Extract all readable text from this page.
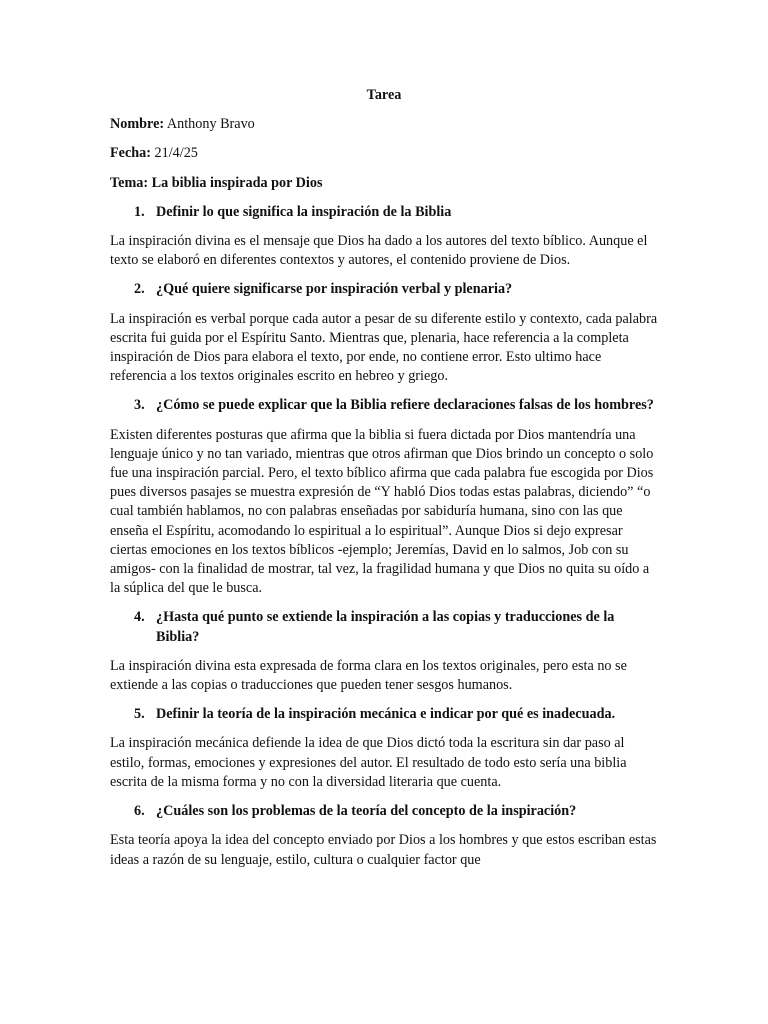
Tarea

Nombre: Anthony Bravo

Fecha: 21/4/25

Tema: La biblia inspirada por Dios

1. Definir lo que significa la inspiración de la Biblia

La inspiración divina es el mensaje que Dios ha dado a los autores del texto bíblico. Aunque el texto se elaboró en diferentes contextos y autores, el contenido proviene de Dios.

2. ¿Qué quiere significarse por inspiración verbal y plenaria?

La inspiración es verbal porque cada autor a pesar de su diferente estilo y contexto, cada palabra escrita fui guida por el Espíritu Santo. Mientras que, plenaria, hace referencia a la completa inspiración de Dios para elabora el texto, por ende, no contiene error. Esto ultimo hace referencia a los textos originales escrito en hebreo y griego.

3. ¿Cómo se puede explicar que la Biblia refiere declaraciones falsas de los hombres?

Existen diferentes posturas que afirma que la biblia si fuera dictada por Dios mantendría una lenguaje único y no tan variado, mientras que otros afirman que Dios brindo un concepto o solo fue una inspiración parcial. Pero, el texto bíblico afirma que cada palabra fue escogida por Dios pues diversos pasajes se muestra expresión de “Y habló Dios todas estas palabras, diciendo” “o cual también hablamos, no con palabras enseñadas por sabiduría humana, sino con las que enseña el Espíritu, acomodando lo espiritual a lo espiritual”. Aunque Dios si dejo expresar ciertas emociones en los textos bíblicos -ejemplo; Jeremías, David en lo salmos, Job con su amigos- con la finalidad de mostrar, tal vez, la fragilidad humana y que Dios no quita su oído a la súplica del que le busca.

4. ¿Hasta qué punto se extiende la inspiración a las copias y traducciones de la Biblia?

La inspiración divina esta expresada de forma clara en los textos originales, pero esta no se extiende a las copias o traducciones que pueden tener sesgos humanos.

5. Definir la teoría de la inspiración mecánica e indicar por qué es inadecuada.

La inspiración mecánica defiende la idea de que Dios dictó toda la escritura sin dar paso al estilo, formas, emociones y expresiones del autor. El resultado de todo esto sería una biblia escrita de la misma forma y no con la diversidad literaria que cuenta.

6. ¿Cuáles son los problemas de la teoría del concepto de la inspiración?

Esta teoría apoya la idea del concepto enviado por Dios a los hombres y que estos escriban estas ideas a razón de su lenguaje, estilo, cultura o cualquier factor que
